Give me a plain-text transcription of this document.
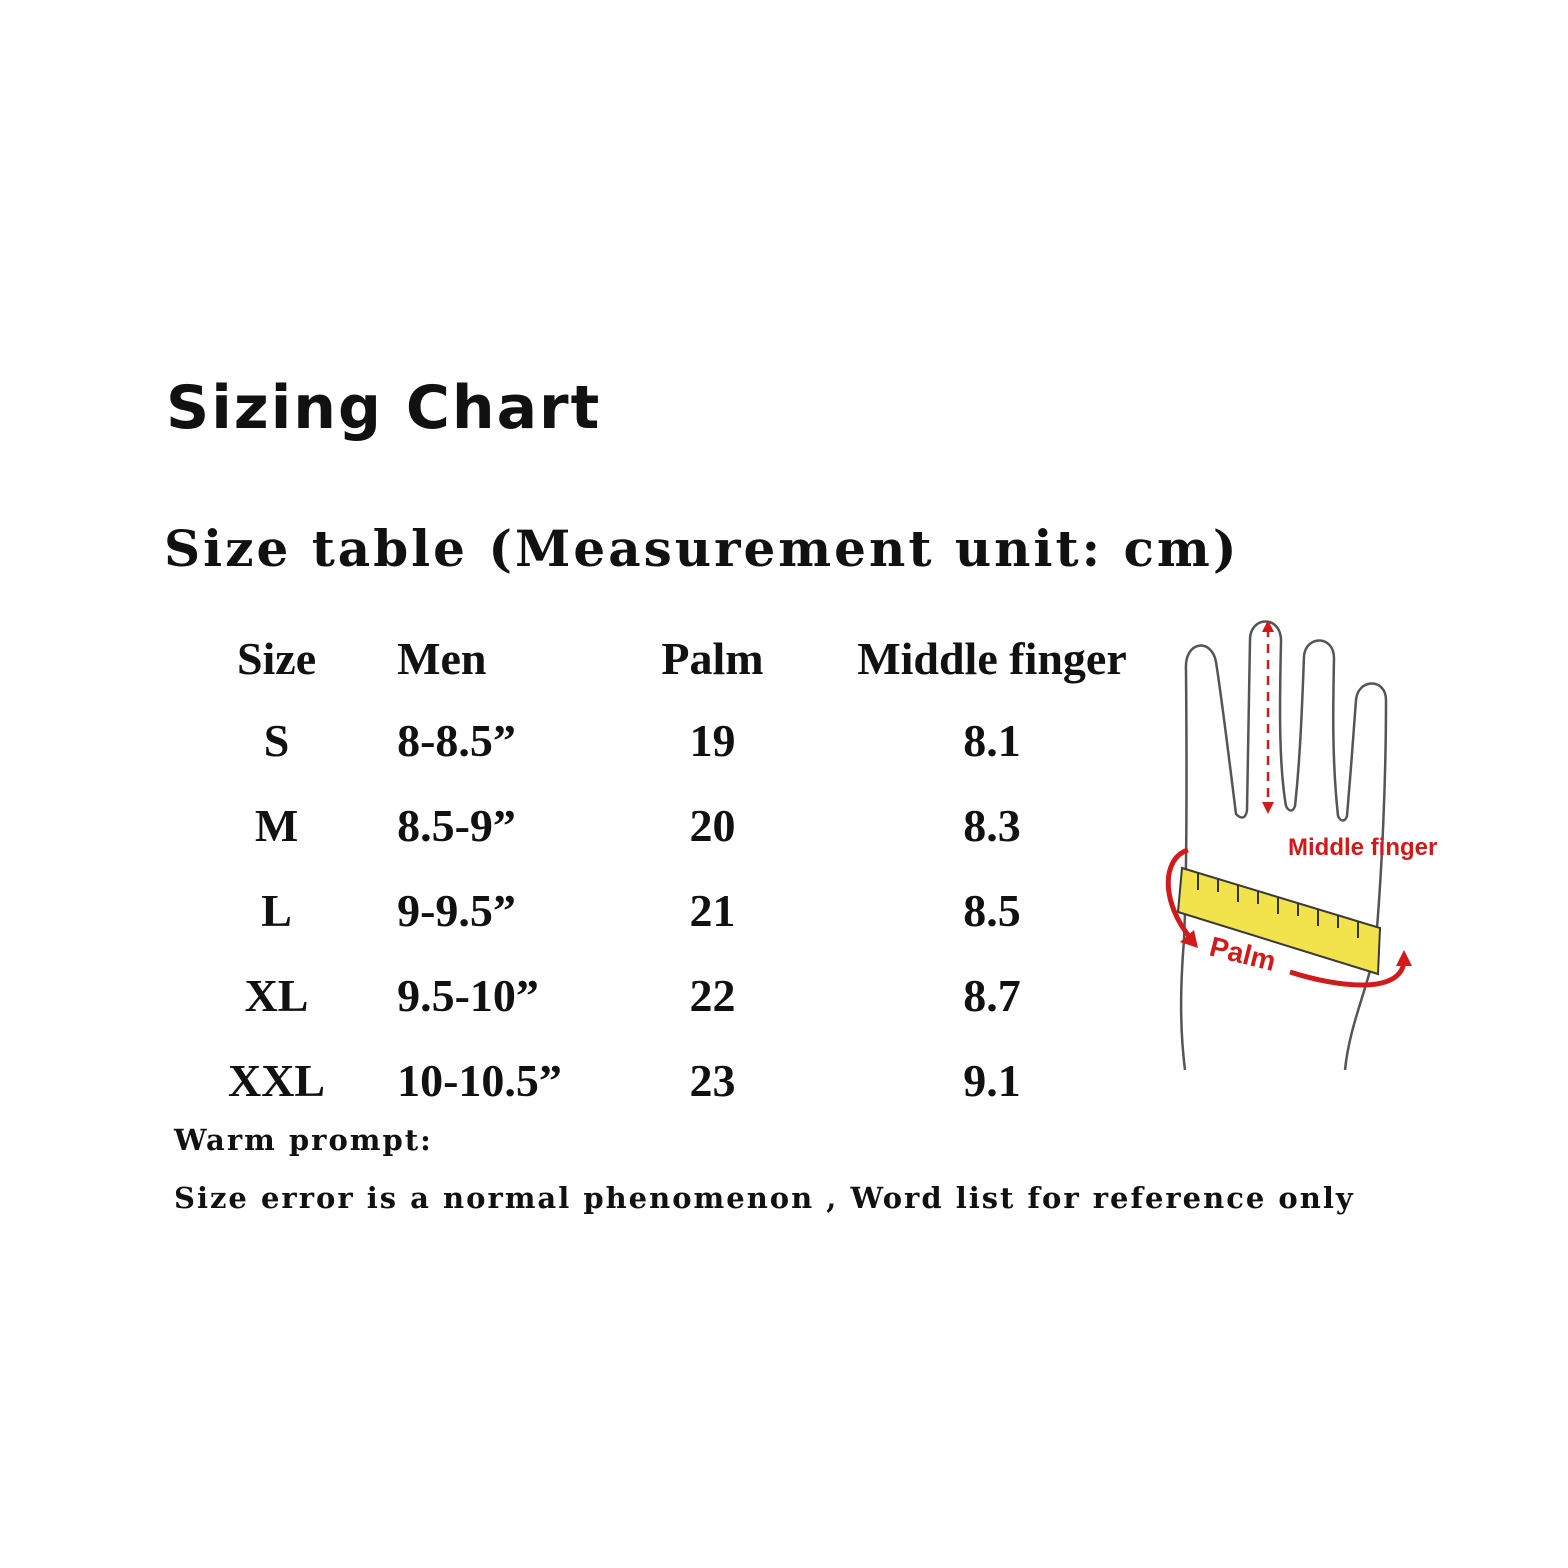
Sizing Chart
Size table (Measurement unit: cm)
Size	Men	Palm	Middle finger
S	8-8.5”	19	8.1
M	8.5-9”	20	8.3
L	9-9.5”	21	8.5
XL	9.5-10”	22	8.7
XXL	10-10.5”	23	9.1

Warm prompt:

Size error is a normal phenomenon , Word list for reference only

Middle finger
Palm
